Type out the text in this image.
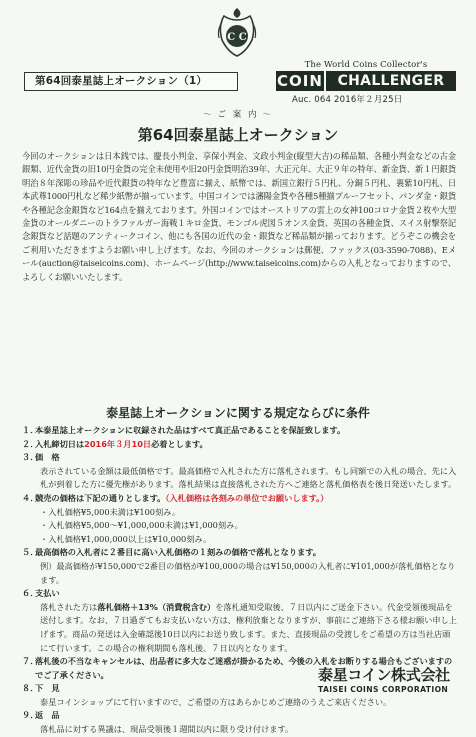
C C
第64回泰星誌上オークション（1）
The World Coins Collector's
COIN	CHALLENGER
Auc. 064 2016年２月25日
〜 ご 案 内 〜
第64回泰星誌上オークション

今回のオークションは日本銭では、慶長小判金、享保小判金、文政小判金(縦型大吉)の稀品類、各種小判金などの古金銀類、近代金貨の旧10円金貨の完全未使用や旧20円金貨明治39年、大正元年、大正９年の特年、新金貨、新１円銀貨明治８年深彫の珍品や近代銀貨の特年など豊富に揃え、紙幣では、新国立銀行５円札、分銅５円札、裏紫10円札、日本武尊1000円札など稀少紙幣が揃っています。中国コインでは瀋陽金貨や各種5種揃プルーフセット、パンダ金・銀貨や各種記念金銀貨など164点を揃えております。外国コインではオーストリアの雲上の女神100コロナ金貨２枚や大型金貨のオールダニーのトラファルガー海戦１キロ金貨、モンゴル虎図５オンス金貨、英国の各種金貨、スイス射撃祭記念銀貨など話題のアンティークコイン、他にも各国の近代の金・銀貨など稀品類が揃っております。どうぞこの機会をご利用いただきますようお願い申し上げます。なお、今回のオークションは郵便、ファックス(03-3590-7088)、Eメール(auction@taiseicoins.com)、ホームページ(http://www.taiseicoins.com)からの入札となっておりますので、よろしくお願いいたします。

泰星誌上オークションに関する規定ならびに条件
１．
本泰星誌上オークションに収録された品はすべて真正品であることを保証致します。
２．
入札締切日は2016年３月10日必着とします。
３．
価　格
表示されている金額は最低価格です。最高価格で入札された方に落札されます。もし同額での入札の場合、先に入札が到着した方に優先権があります。落札結果は直接落札された方へご連絡と落札価格表を後日発送いたします。
４．
競売の価格は下記の通りとします。（入札価格は各刻みの単位でお願いします。）
・入札価格¥5,000未満は¥100刻み。
・入札価格¥5,000～¥1,000,000未満は¥1,000刻み。
・入札価格¥1,000,000以上は¥10,000刻み。
５．
最高価格の入札者に２番目に高い入札価格の１刻みの価格で落札となります。
例）最高価格が¥150,000で2番目の価格が¥100,000の場合は¥150,000の入札者に¥101,000が落札価格となります。
６．
支払い
落札された方は落札価格＋13%（消費税含む）を落札通知受取後、７日以内にご送金下さい。代金受領後現品を送付します。なお、７日過ぎてもお支払いない方は、権利放棄となりますが、事前にご連絡下さる様お願い申し上げます。商品の発送は入金確認後10日以内にお送り致します。また、直接現品の受渡しをご希望の方は当社店頭にて行います。この場合の権利期間も落札後、７日以内となります。
７．
落札後の不当なキャンセルは、出品者に多大なご迷惑が掛かるため、今後の入札をお断りする場合もございますのでご了承ください。
８．
下　見
泰星コインショップにて行いますので、ご希望の方はあらかじめご連絡のうえご来店ください。
９．
返　品
落札品に対する異議は、現品受領後１週間以内に限り受け付けます。
泰星コイン株式会社
TAISEI COINS CORPORATION
